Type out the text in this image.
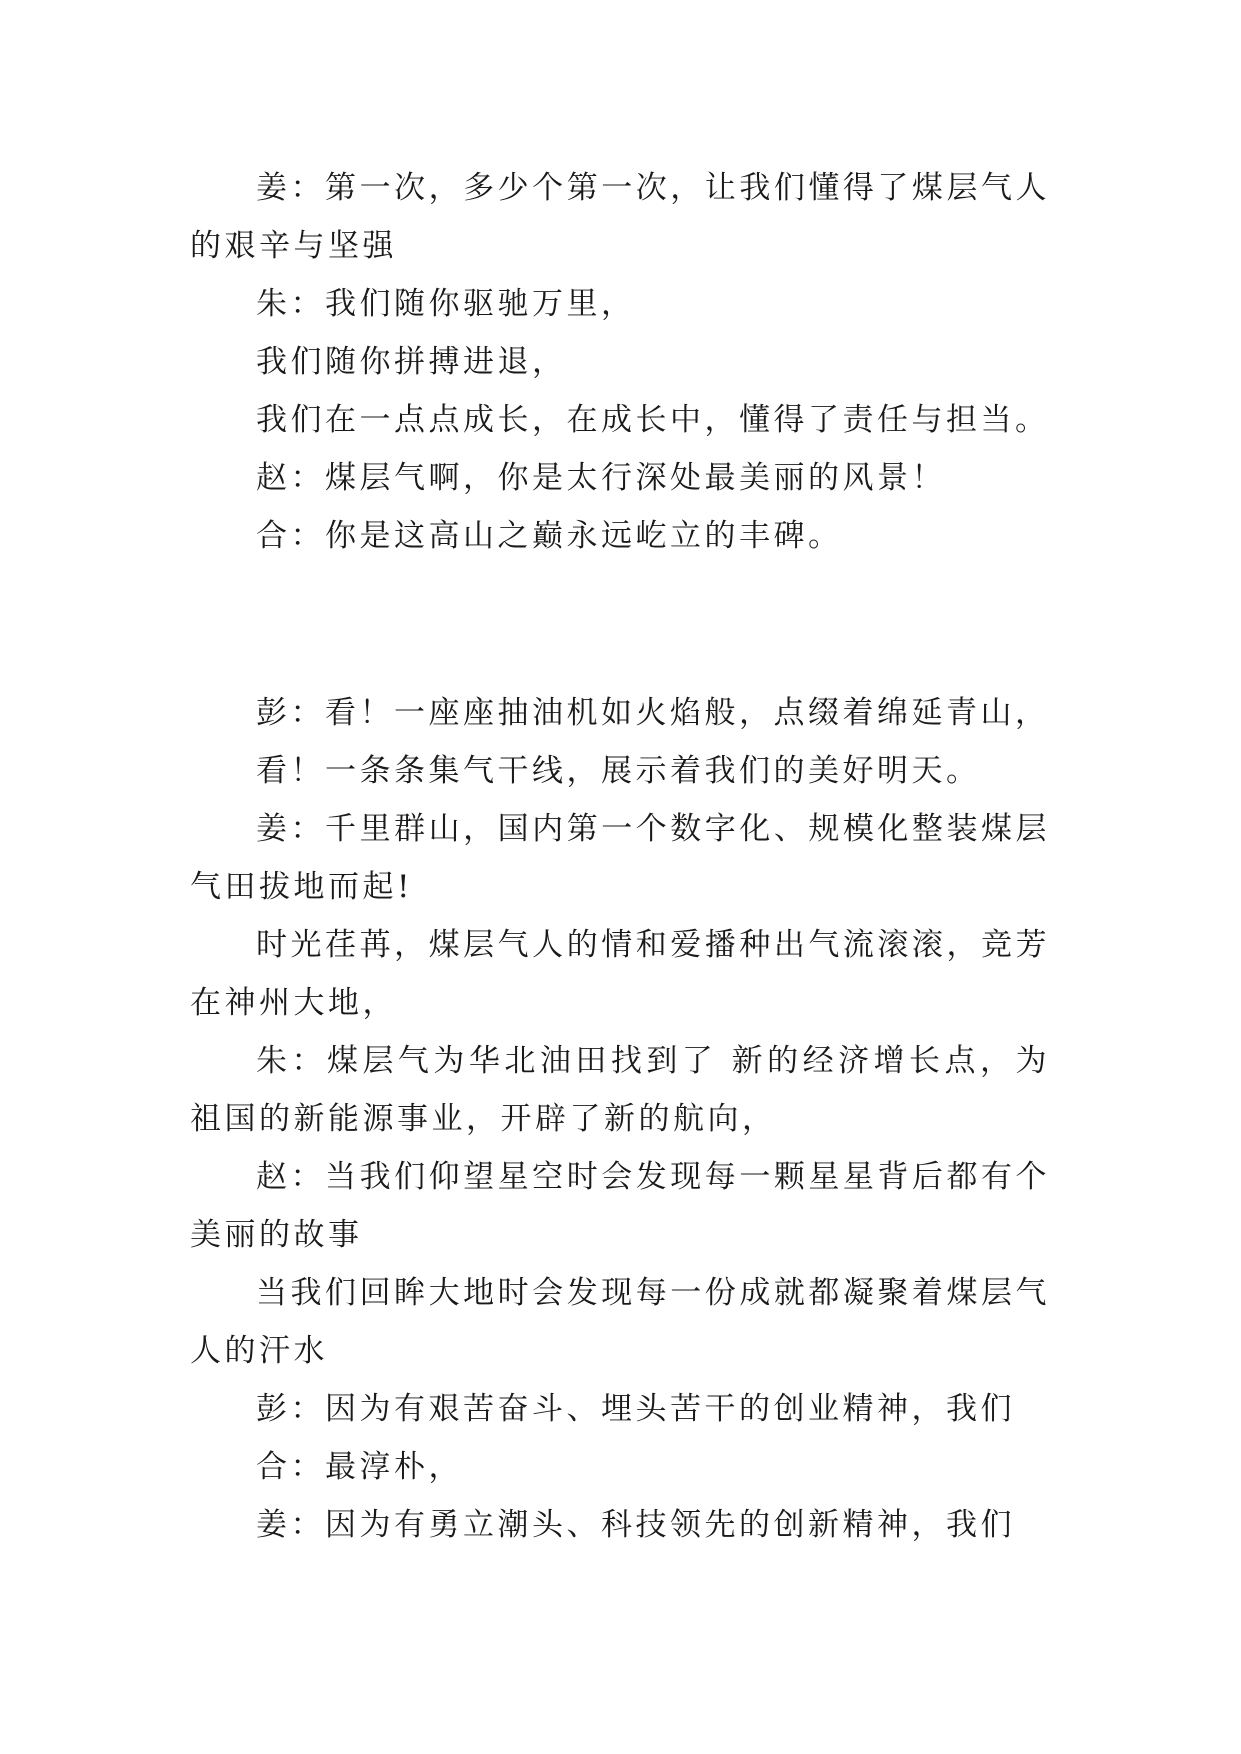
姜：第一次，多少个第一次，让我们懂得了煤层气人的艰辛与坚强

朱：我们随你驱驰万里，

我们随你拼搏进退，

我们在一点点成长，在成长中，懂得了责任与担当。

赵：煤层气啊，你是太行深处最美丽的风景！

合：你是这高山之巅永远屹立的丰碑。

彭：看！一座座抽油机如火焰般，点缀着绵延青山，

看！一条条集气干线，展示着我们的美好明天。

姜：千里群山，国内第一个数字化、规模化整装煤层气田拔地而起!

时光荏苒，煤层气人的情和爱播种出气流滚滚，竞芳在神州大地，

朱：煤层气为华北油田找到了 新的经济增长点，为祖国的新能源事业，开辟了新的航向，

赵：当我们仰望星空时会发现每一颗星星背后都有个美丽的故事

当我们回眸大地时会发现每一份成就都凝聚着煤层气人的汗水

彭：因为有艰苦奋斗、埋头苦干的创业精神，我们

合：最淳朴，

姜：因为有勇立潮头、科技领先的创新精神，我们
